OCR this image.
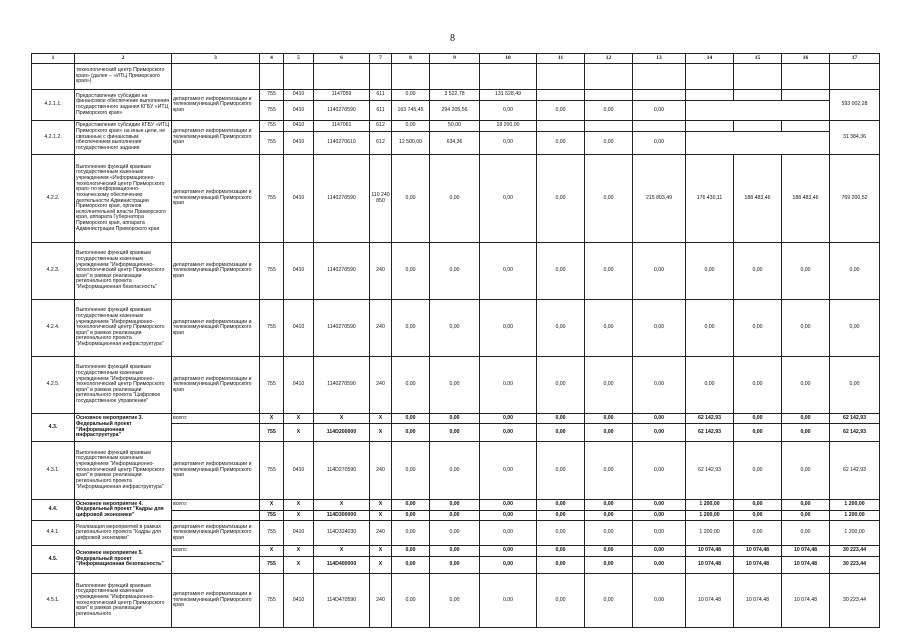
8
1	2	3	4	5	6	7	8	9	10	11	12	13	14	15	16	17
	технологический центр Приморского края» (далее – «ИТЦ Приморского края»)															
4.2.1.1.	Предоставление субсидии на финансовое обеспечение выполнения государственного задания КГБУ «ИТЦ Приморского края»	департамент информатизации и телекоммуникаций Приморского края	755	0410	1147059	611	0,00	3 522,78	131 528,49							593 002,28
			755	0410	1140270590	611	163 745,45	294 205,56	0,00	0,00	0,00	0,00				
4.2.1.2.	Предоставление субсидии КГБУ «ИТЦ Приморского края» на иные цели, не связанные с финансовым обеспечением выполнения государственного задания	департамент информатизации и телекоммуникаций Приморского края	755	0410	1147061	612	0,00	50,00	18 200,00							31 384,36
			755	0410	1140270610	612	12 500,00	634,36	0,00	0,00	0,00	0,00				
4.2.2.	Выполнение функций краевым государственным казенным учреждением «Информационно-технологический центр Приморского края» по информационно-техническому обеспечению деятельности Администрации Приморского края, органов исполнительной власти Приморского края, аппарата Губернатора Приморского края, аппарата Администрации Приморского края	департамент информатизации и телекоммуникаций Приморского края	755	0410	1140270590	110 240 850	0,00	0,00	0,00	0,00	0,00	215 803,49	176 430,11	188 483,46	188 483,46	769 200,52
4.2.3.	Выполнение функций краевым государственным казенным учреждением "Информационно-технологический центр Приморского края" в рамках реализации регионального проекта "Информационная безопасность"	департамент информатизации и телекоммуникаций Приморского края	755	0410	1140270590	240	0,00	0,00	0,00	0,00	0,00	0,00	0,00	0,00	0,00	0,00
4.2.4.	Выполнение функций краевым государственным казенным учреждением "Информационно-технологический центр Приморского края" в рамках реализации регионального проекта "Информационная инфраструктура"	департамент информатизации и телекоммуникаций Приморского края	755	0410	1140270590	240	0,00	0,00	0,00	0,00	0,00	0,00	0,00	0,00	0,00	0,00
4.2.5.	Выполнение функций краевым государственным казенным учреждением "Информационно-технологический центр Приморского края" в рамках реализации регионального проекта "Цифровое государственное управление"	департамент информатизации и телекоммуникаций Приморского края	755	0410	1140270590	240	0,00	0,00	0,00	0,00	0,00	0,00	0,00	0,00	0,00	0,00
4.3.	Основное мероприятие 3. Федеральный проект "Информационная инфраструктура"	всего:	X	X	X	X	0,00	0,00	0,00	0,00	0,00	0,00	62 142,93	0,00	0,00	62 142,93
			755	X	114D200000	X	0,00	0,00	0,00	0,00	0,00	0,00	62 142,93	0,00	0,00	62 142,93
4.3.1.	Выполнение функций краевым государственным казенным учреждением "Информационно-технологический центр Приморского края" в рамках реализации регионального проекта "Информационная инфраструктура"	департамент информатизации и телекоммуникаций Приморского края	755	0410	114D270590	240	0,00	0,00	0,00	0,00	0,00	0,00	62 142,93	0,00	0,00	62 142,93
4.4.	Основное мероприятие 4. Федеральный проект "Кадры для цифровой экономики"	всего:	X	X	X	X	0,00	0,00	0,00	0,00	0,00	0,00	1 200,00	0,00	0,00	1 200,00
			755	X	114D300000	X	0,00	0,00	0,00	0,00	0,00	0,00	1 200,00	0,00	0,00	1 200,00
4.4.1.	Реализация мероприятий в рамках регионального проекта "Кадры для цифровой экономики"	департамент информатизации и телекоммуникаций Приморского края	755	0410	114D324030	240	0,00	0,00	0,00	0,00	0,00	0,00	1 200,00	0,00	0,00	1 200,00
4.5.	Основное мероприятие 5. Федеральный проект "Информационная безопасность"	всего:	X	X	X	X	0,00	0,00	0,00	0,00	0,00	0,00	10 074,48	10 074,48	10 074,48	30 223,44
			755	X	114D400000	X	0,00	0,00	0,00	0,00	0,00	0,00	10 074,48	10 074,48	10 074,48	30 223,44
4.5.1.	Выполнение функций краевым государственным казенным учреждением "Информационно-технологический центр Приморского края" в рамках реализации регионального	департамент информатизации и телекоммуникаций Приморского края	755	0410	114D470590	240	0,00	0,00	0,00	0,00	0,00	0,00	10 074,48	10 074,48	10 074,48	30 223,44
